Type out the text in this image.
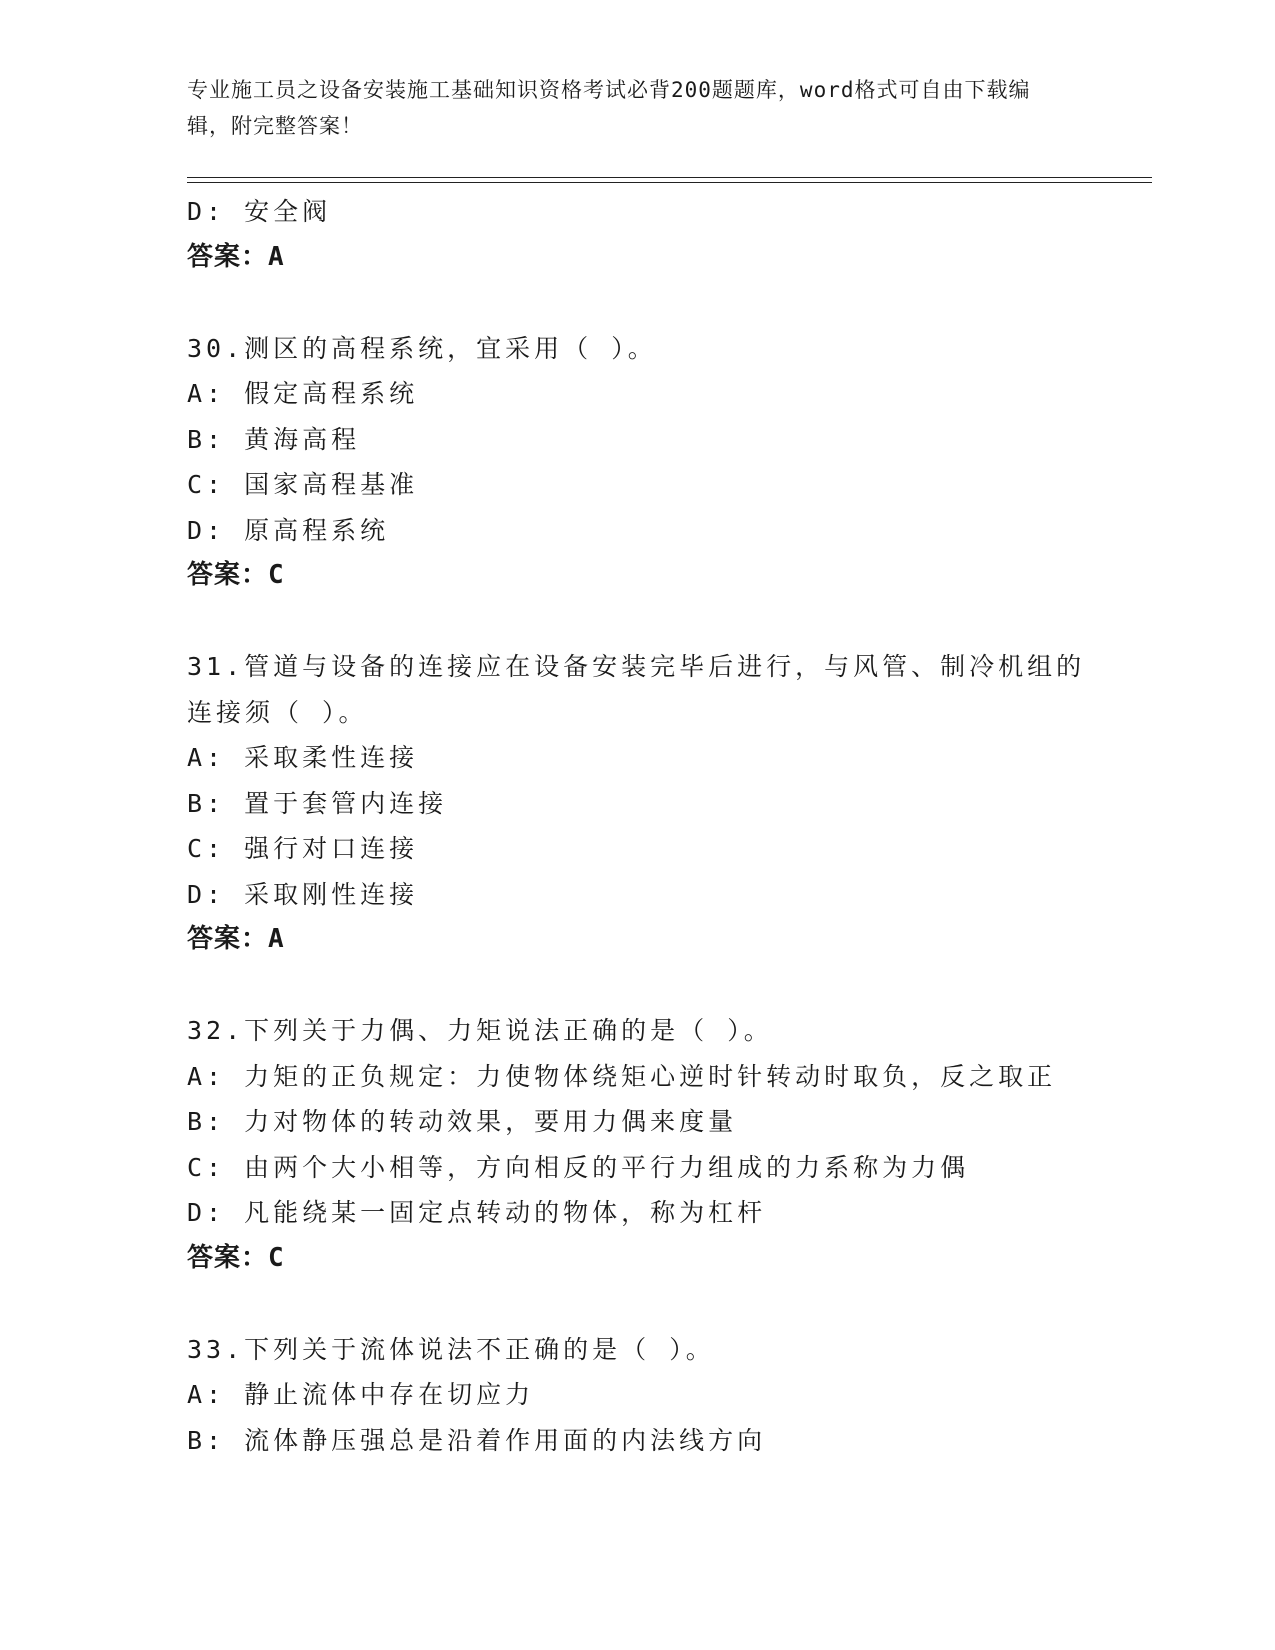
专业施工员之设备安装施工基础知识资格考试必背200题题库，word格式可自由下载编辑，附完整答案！
D: 安全阀
答案：A
30.测区的高程系统，宜采用（ ）。
A: 假定高程系统
B: 黄海高程
C: 国家高程基准
D: 原高程系统
答案：C
31.管道与设备的连接应在设备安装完毕后进行，与风管、制冷机组的连接须（ ）。
A: 采取柔性连接
B: 置于套管内连接
C: 强行对口连接
D: 采取刚性连接
答案：A
32.下列关于力偶、力矩说法正确的是（ ）。
A: 力矩的正负规定：力使物体绕矩心逆时针转动时取负，反之取正
B: 力对物体的转动效果，要用力偶来度量
C: 由两个大小相等，方向相反的平行力组成的力系称为力偶
D: 凡能绕某一固定点转动的物体，称为杠杆
答案：C
33.下列关于流体说法不正确的是（ ）。
A: 静止流体中存在切应力
B: 流体静压强总是沿着作用面的内法线方向
